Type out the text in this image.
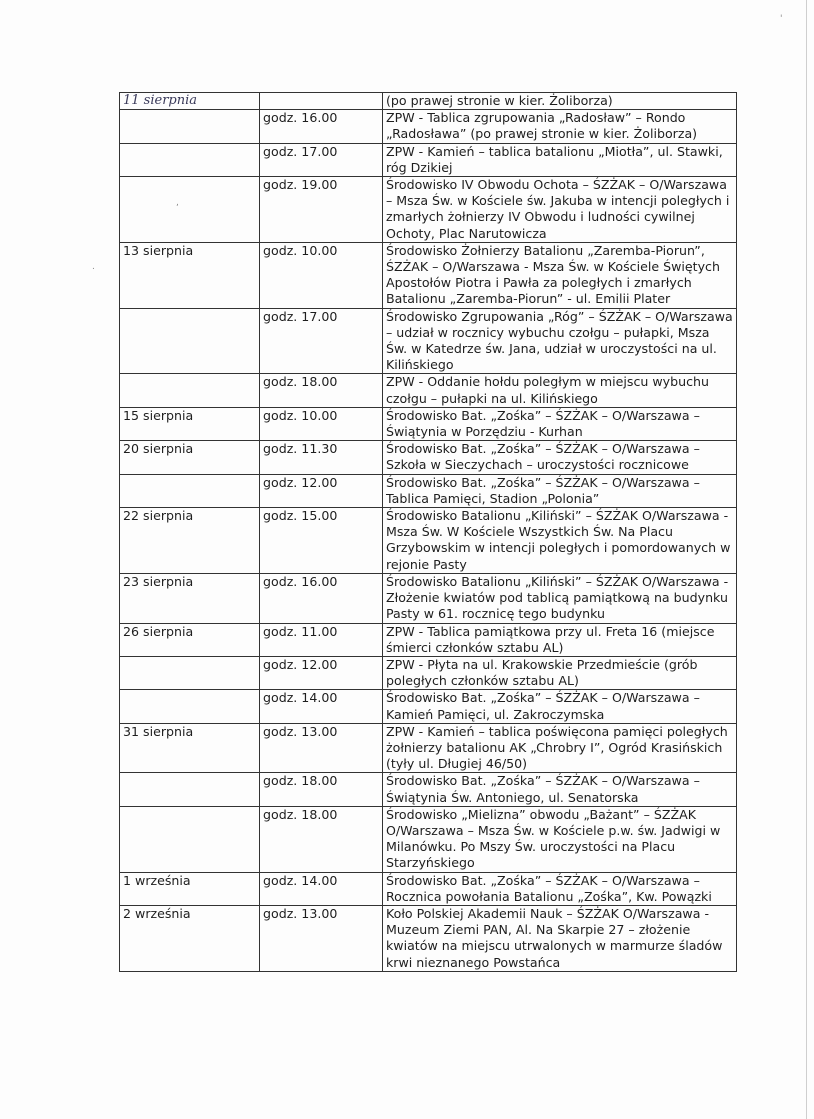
,
.
'
11 sierpnia		(po prawej stronie w kier. Żoliborza)
	godz. 16.00	ZPW - Tablica zgrupowania „Radosław” – Rondo „Radosława” (po prawej stronie w kier. Żoliborza)
	godz. 17.00	ZPW - Kamień – tablica batalionu „Miotła”, ul. Stawki, róg Dzikiej
	godz. 19.00	Środowisko IV Obwodu Ochota – ŚZŻAK – O/Warszawa – Msza Św. w Kościele św. Jakuba w intencji poległych i zmarłych żołnierzy IV Obwodu i ludności cywilnej Ochoty, Plac Narutowicza
13 sierpnia	godz. 10.00	Środowisko Żołnierzy Batalionu „Zaremba-Piorun”, ŚZŻAK – O/Warszawa - Msza Św. w Kościele Świętych Apostołów Piotra i Pawła za poległych i zmarłych Batalionu „Zaremba-Piorun” - ul. Emilii Plater
	godz. 17.00	Środowisko Zgrupowania „Róg” – ŚZŻAK – O/Warszawa – udział w rocznicy wybuchu czołgu – pułapki, Msza Św. w Katedrze św. Jana, udział w uroczystości na ul. Kilińskiego
	godz. 18.00	ZPW - Oddanie hołdu poległym w miejscu wybuchu czołgu – pułapki na ul. Kilińskiego
15 sierpnia	godz. 10.00	Środowisko Bat. „Zośka” – ŚZŻAK – O/Warszawa – Świątynia w Porzędziu - Kurhan
20 sierpnia	godz. 11.30	Środowisko Bat. „Zośka” – ŚZŻAK – O/Warszawa – Szkoła w Sieczychach – uroczystości rocznicowe
	godz. 12.00	Środowisko Bat. „Zośka” – ŚZŻAK – O/Warszawa – Tablica Pamięci, Stadion „Polonia”
22 sierpnia	godz. 15.00	Środowisko Batalionu „Kiliński” – ŚZŻAK O/Warszawa - Msza Św. W Kościele Wszystkich Św. Na Placu Grzybowskim w intencji poległych i pomordowanych w rejonie Pasty
23 sierpnia	godz. 16.00	Środowisko Batalionu „Kiliński” – ŚZŻAK O/Warszawa - Złożenie kwiatów pod tablicą pamiątkową na budynku Pasty w 61. rocznicę tego budynku
26 sierpnia	godz. 11.00	ZPW - Tablica pamiątkowa przy ul. Freta 16 (miejsce śmierci członków sztabu AL)
	godz. 12.00	ZPW - Płyta na ul. Krakowskie Przedmieście (grób poległych członków sztabu AL)
	godz. 14.00	Środowisko Bat. „Zośka” – ŚZŻAK – O/Warszawa – Kamień Pamięci, ul. Zakroczymska
31 sierpnia	godz. 13.00	ZPW - Kamień – tablica poświęcona pamięci poległych żołnierzy batalionu AK „Chrobry I”, Ogród Krasińskich (tyły ul. Długiej 46/50)
	godz. 18.00	Środowisko Bat. „Zośka” – ŚZŻAK – O/Warszawa – Świątynia Św. Antoniego, ul. Senatorska
	godz. 18.00	Środowisko „Mielizna” obwodu „Bażant” – ŚZŻAK O/Warszawa – Msza Św. w Kościele p.w. św. Jadwigi w Milanówku. Po Mszy Św. uroczystości na Placu Starzyńskiego
1 września	godz. 14.00	Środowisko Bat. „Zośka” – ŚZŻAK – O/Warszawa – Rocznica powołania Batalionu „Zośka”, Kw. Powązki
2 września	godz. 13.00	Koło Polskiej Akademii Nauk – ŚZŻAK O/Warszawa - Muzeum Ziemi PAN, Al. Na Skarpie 27 – złożenie kwiatów na miejscu utrwalonych w marmurze śladów krwi nieznanego Powstańca
